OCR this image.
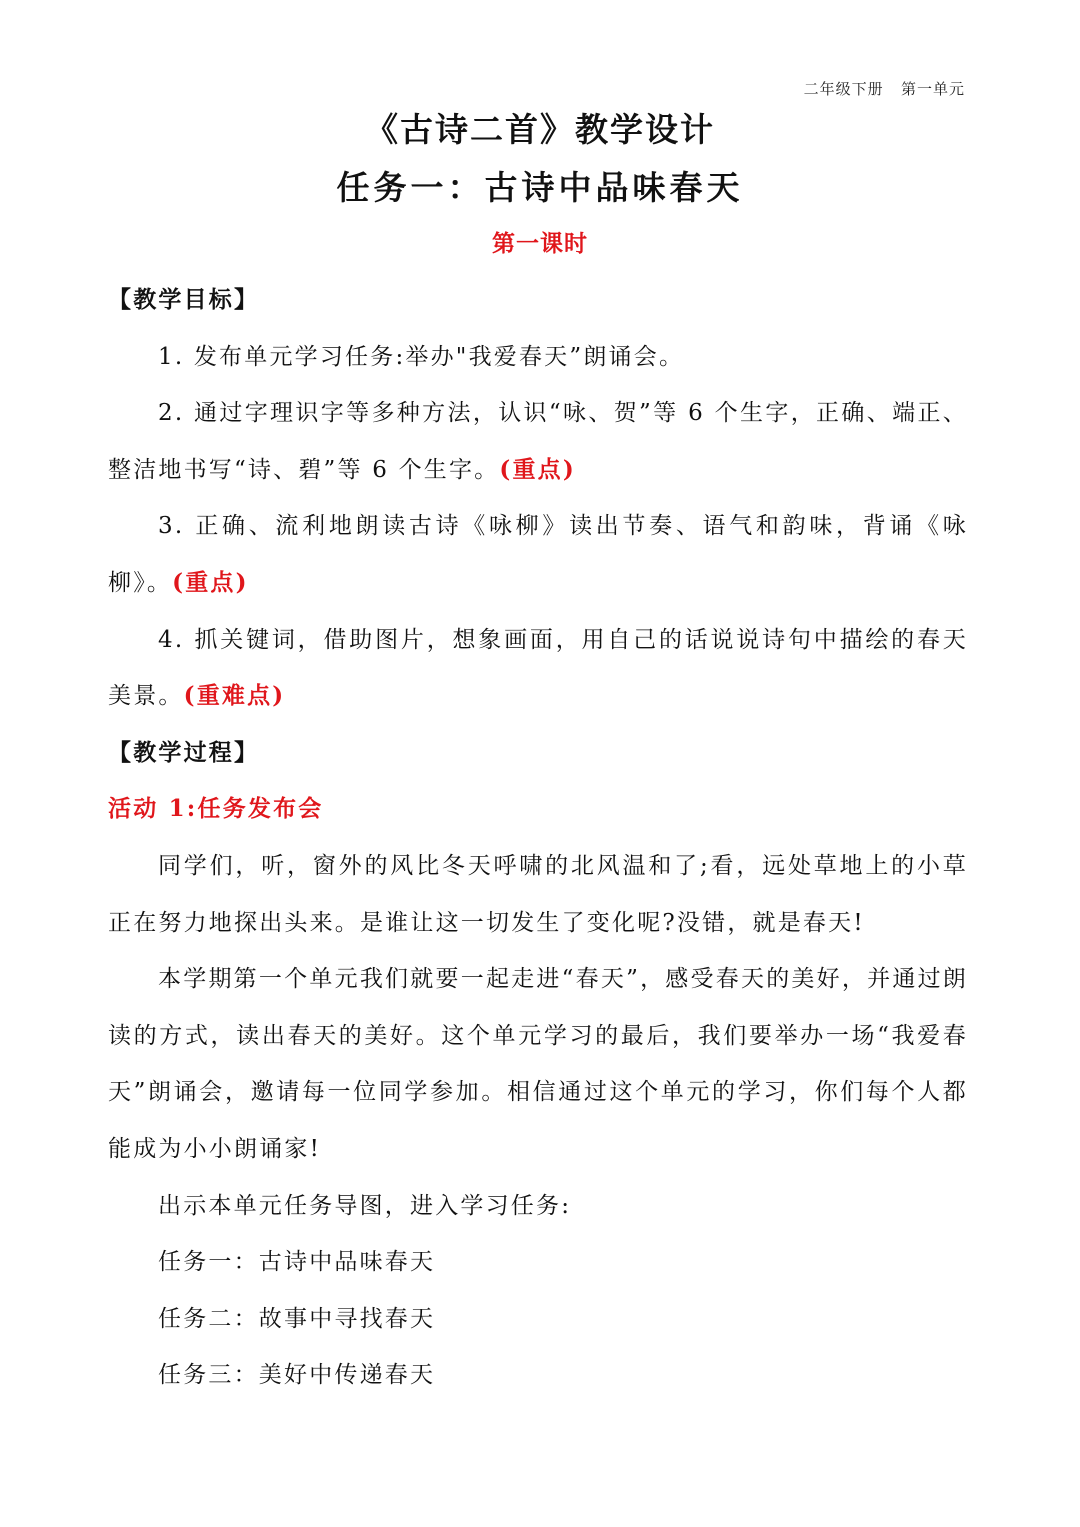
二年级下册 第一单元
《古诗二首》教学设计
任务一：古诗中品味春天
第一课时

【教学目标】

1. 发布单元学习任务:举办"我爱春天”朗诵会。

2. 通过字理识字等多种方法，认识“咏、贺”等 6 个生字，正确、端正、整洁地书写“诗、碧”等 6 个生字。(重点)

3. 正确、流利地朗读古诗《咏柳》读出节奏、语气和韵味，背诵《咏柳》。(重点)

4. 抓关键词，借助图片，想象画面，用自己的话说说诗句中描绘的春天美景。(重难点)

【教学过程】

活动 1:任务发布会

同学们，听，窗外的风比冬天呼啸的北风温和了;看，远处草地上的小草正在努力地探出头来。是谁让这一切发生了变化呢?没错，就是春天!

本学期第一个单元我们就要一起走进“春天”，感受春天的美好，并通过朗读的方式，读出春天的美好。这个单元学习的最后，我们要举办一场“我爱春天”朗诵会，邀请每一位同学参加。相信通过这个单元的学习，你们每个人都能成为小小朗诵家!

出示本单元任务导图，进入学习任务:

任务一：古诗中品味春天

任务二：故事中寻找春天

任务三：美好中传递春天
